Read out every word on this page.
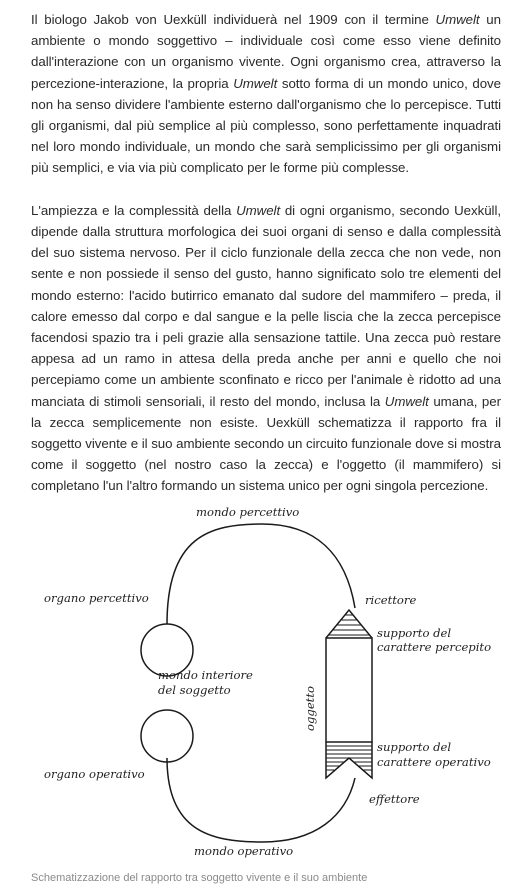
Il biologo Jakob von Uexküll individuerà nel 1909 con il termine Umwelt un ambiente o mondo soggettivo – individuale così come esso viene definito dall'interazione con un organismo vivente. Ogni organismo crea, attraverso la percezione-interazione, la propria Umwelt sotto forma di un mondo unico, dove non ha senso dividere l'ambiente esterno dall'organismo che lo percepisce. Tutti gli organismi, dal più semplice al più complesso, sono perfettamente inquadrati nel loro mondo individuale, un mondo che sarà semplicissimo per gli organismi più semplici, e via via più complicato per le forme più complesse.

L'ampiezza e la complessità della Umwelt di ogni organismo, secondo Uexküll, dipende dalla struttura morfologica dei suoi organi di senso e dalla complessità del suo sistema nervoso. Per il ciclo funzionale della zecca che non vede, non sente e non possiede il senso del gusto, hanno significato solo tre elementi del mondo esterno: l'acido butirrico emanato dal sudore del mammifero – preda, il calore emesso dal corpo e dal sangue e la pelle liscia che la zecca percepisce facendosi spazio tra i peli grazie alla sensazione tattile. Una zecca può restare appesa ad un ramo in attesa della preda anche per anni e quello che noi percepiamo come un ambiente sconfinato e ricco per l'animale è ridotto ad una manciata di stimoli sensoriali, il resto del mondo, inclusa la Umwelt umana, per la zecca semplicemente non esiste. Uexküll schematizza il rapporto fra il soggetto vivente e il suo ambiente secondo un circuito funzionale dove si mostra come il soggetto (nel nostro caso la zecca) e l'oggetto (il mammifero) si completano l'un l'altro formando un sistema unico per ogni singola percezione.

mondo percettivo
organo percettivo	ricettore
supporto del
carattere percepito
mondo interiore
del soggetto	oggetto
supporto del
carattere operativo
organo operativo
effettore
mondo operativo

Schematizzazione del rapporto tra soggetto vivente e il suo ambiente
